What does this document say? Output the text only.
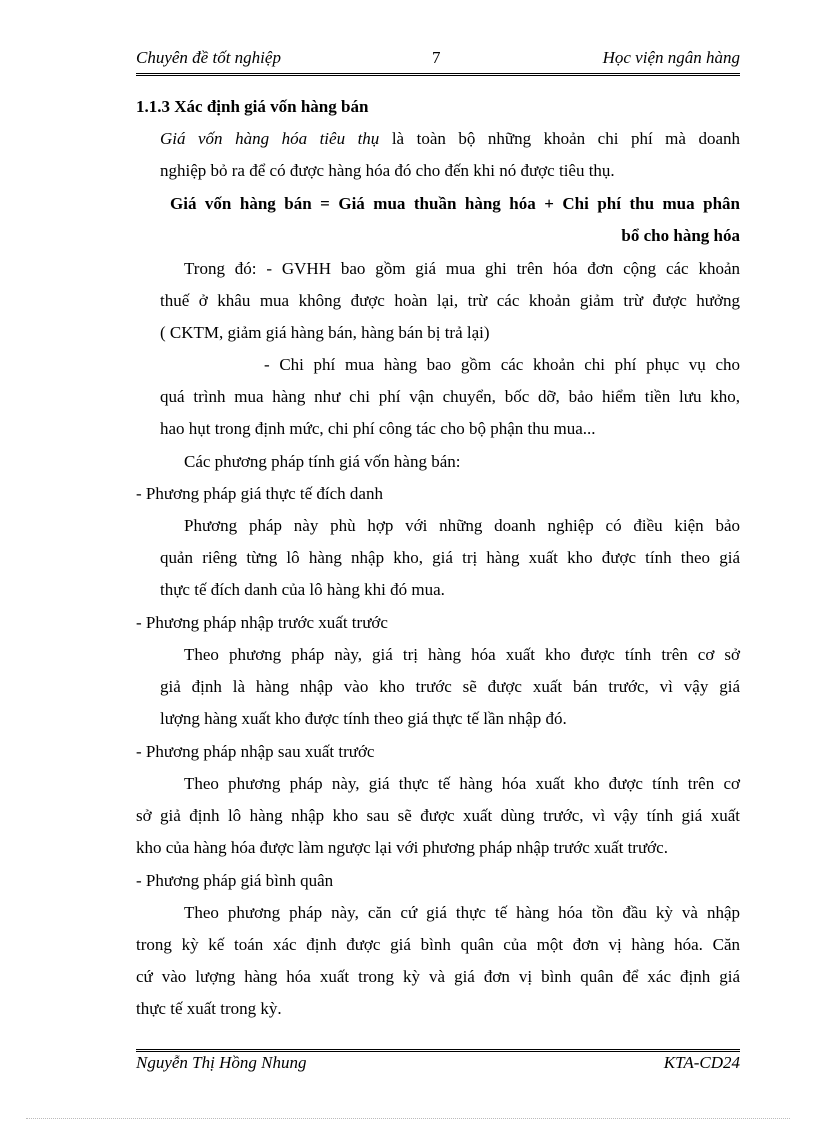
Chuyên đề tốt nghiệp	7	Học viện ngân hàng
1.1.3 Xác định giá vốn hàng bán
Giá vốn hàng hóa tiêu thụ là toàn bộ những khoản chi phí mà doanh
nghiệp bỏ ra để có được hàng hóa đó cho đến khi nó được tiêu thụ.
Giá vốn hàng bán = Giá mua thuần hàng hóa + Chi phí thu mua phân
bổ cho hàng hóa
Trong đó: - GVHH bao gồm giá mua ghi trên hóa đơn cộng các khoản
thuế ở khâu mua không được hoàn lại, trừ các khoản giảm trừ được hưởng
( CKTM, giảm giá hàng bán, hàng bán bị trả lại)
- Chi phí mua hàng bao gồm các khoản chi phí phục vụ cho
quá trình mua hàng như chi phí vận chuyển, bốc dỡ, bảo hiểm tiền lưu kho,
hao hụt trong định mức, chi phí công tác cho bộ phận thu mua...
Các phương pháp tính giá vốn hàng bán:
- Phương pháp giá thực tế đích danh
Phương pháp này phù hợp với những doanh nghiệp có điều kiện bảo
quản riêng từng lô hàng nhập kho, giá trị hàng xuất kho được tính theo giá
thực tế đích danh của lô hàng khi đó mua.
- Phương pháp nhập trước xuất trước
Theo phương pháp này, giá trị hàng hóa xuất kho được tính trên cơ sở
giả định là hàng nhập vào kho trước sẽ được xuất bán trước, vì vậy giá
lượng hàng xuất kho được tính theo giá thực tế lần nhập đó.
- Phương pháp nhập sau xuất trước
Theo phương pháp này, giá thực tế hàng hóa xuất kho được tính trên cơ
sở giả định lô hàng nhập kho sau sẽ được xuất dùng trước, vì vậy tính giá xuất
kho của hàng hóa được làm ngược lại với phương pháp nhập trước xuất trước.
- Phương pháp giá bình quân
Theo phương pháp này, căn cứ giá thực tế hàng hóa tồn đầu kỳ và nhập
trong kỳ kế toán xác định được giá bình quân của một đơn vị hàng hóa. Căn
cứ vào lượng hàng hóa xuất trong kỳ và giá đơn vị bình quân để xác định giá
thực tế xuất trong kỳ.
Nguyễn Thị Hồng Nhung	KTA-CD24
